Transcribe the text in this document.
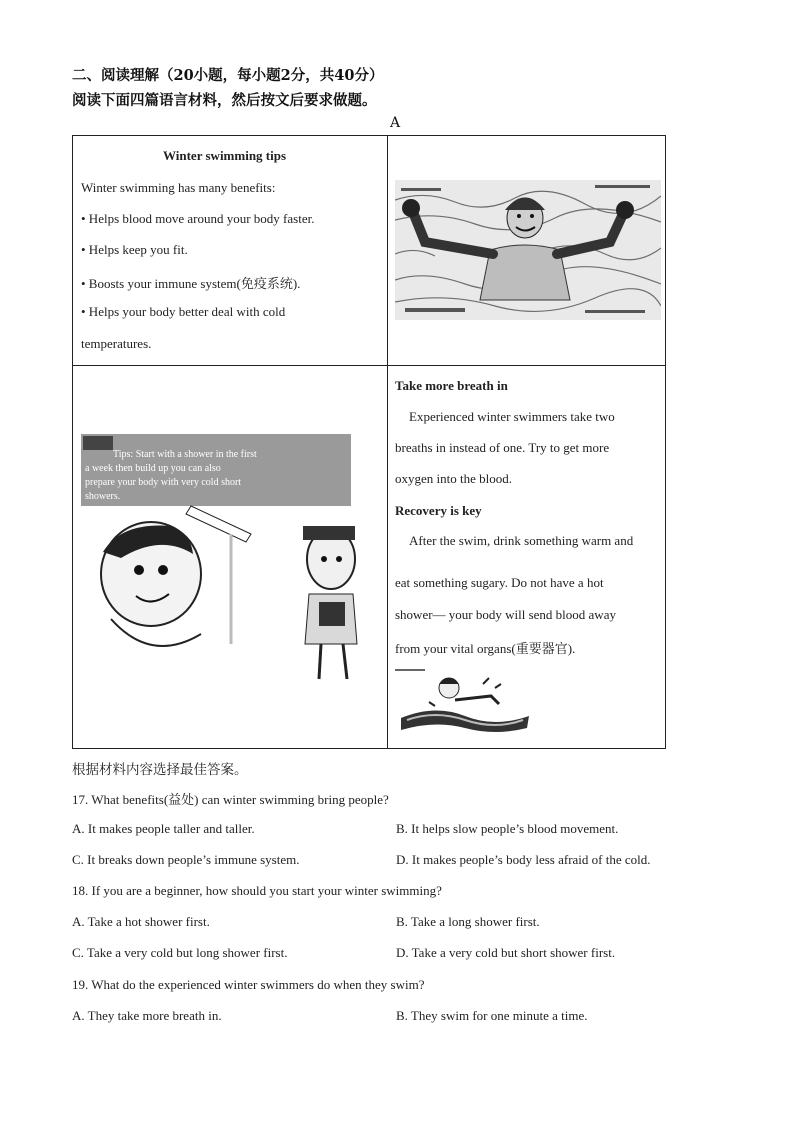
二、阅读理解（20小题，每小题2分，共40分）
阅读下面四篇语言材料，然后按文后要求做题。
A
Winter swimming tips
Winter swimming has many benefits:
• Helps blood move around your body faster.
• Helps keep you fit.
• Boosts your immune system(免疫系统).
• Helps your body better deal with cold
temperatures.
Tips: Start with a shower in the first
a week then build up you can also
prepare your body with very cold short
showers.
Take more breath in
Experienced winter swimmers take two
breaths in instead of one. Try to get more
oxygen into the blood.
Recovery is key
After the swim, drink something warm and
eat something sugary. Do not have a hot
shower— your body will send blood away
from your vital organs(重要器官).
根据材料内容选择最佳答案。
17. What benefits(益处) can winter swimming bring people?
A. It makes people taller and taller.	B. It helps slow people’s blood movement.
C. It breaks down people’s immune system.	D. It makes people’s body less afraid of the cold.
18. If you are a beginner, how should you start your winter swimming?
A. Take a hot shower first.	B. Take a long shower first.
C. Take a very cold but long shower first.	D. Take a very cold but short shower first.
19. What do the experienced winter swimmers do when they swim?
A. They take more breath in.	B. They swim for one minute a time.
